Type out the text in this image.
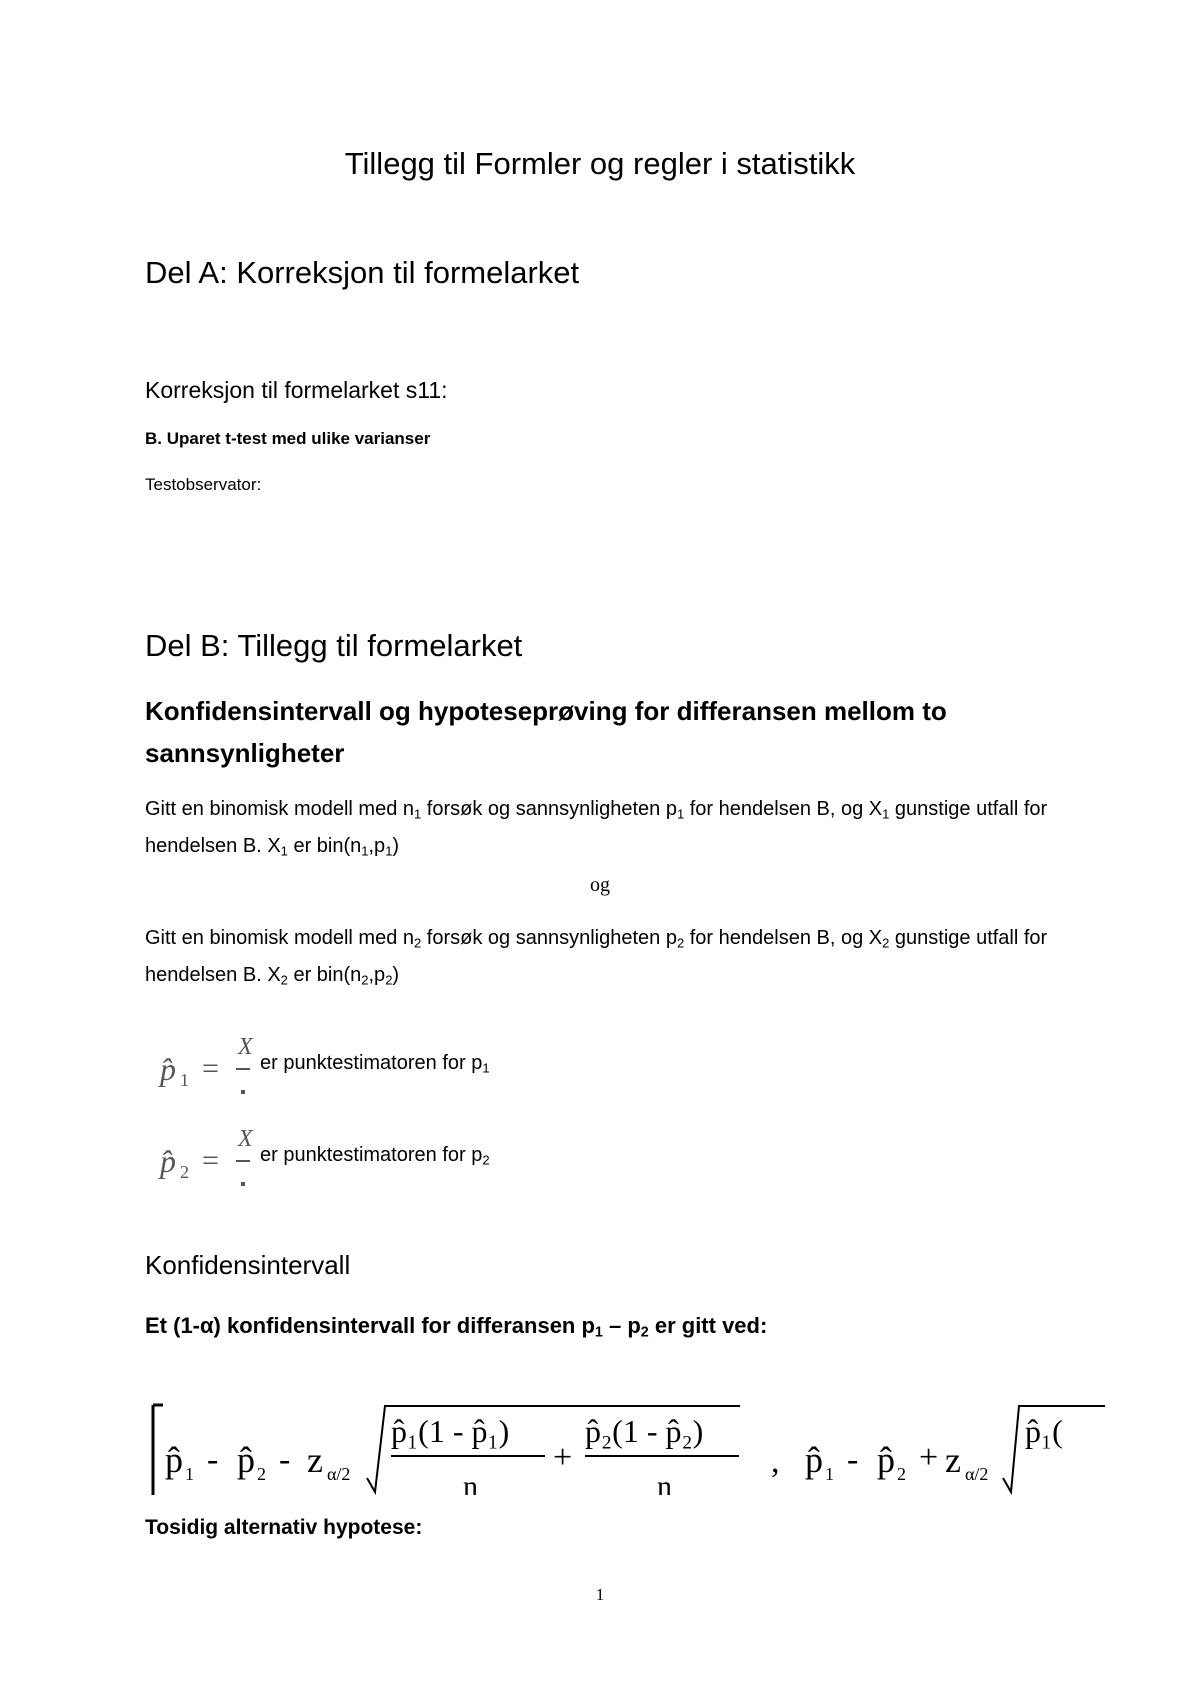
Tillegg til Formler og regler i statistikk
Del A: Korreksjon til formelarket
Korreksjon til formelarket s11:
B. Uparet t-test med ulike varianser
Testobservator:
Del B: Tillegg til formelarket
Konfidensintervall og hypoteseprøving for differansen mellom to sannsynligheter
Gitt en binomisk modell med $n_1$ forsøk og sannsynligheten $p_1$ for hendelsen B, og $X_1$ gunstige utfall for hendelsen B. $X_1$ er $bin(n_1,p_1)$
og
Gitt en binomisk modell med $n_2$ forsøk og sannsynligheten $p_2$ for hendelsen B, og $X_2$ gunstige utfall for hendelsen B. $X_2$ er $bin(n_2,p_2)$
p̂ 1 =
X
er punktestimatoren for $p_1$
p̂ 2 =
X
er punktestimatoren for $p_2$
Konfidensintervall
Et (1-α) konfidensintervall for differansen $p_1 - p_2$ er gitt ved:
p̂ 1 - p̂ 2 - z α/2
p̂₁(1 - p̂₁)
n
+
p̂₂(1 - p̂₂)
n
, p̂ 1 - p̂ 2 + z α/2
p̂₁(
Tosidig alternativ hypotese:
1
